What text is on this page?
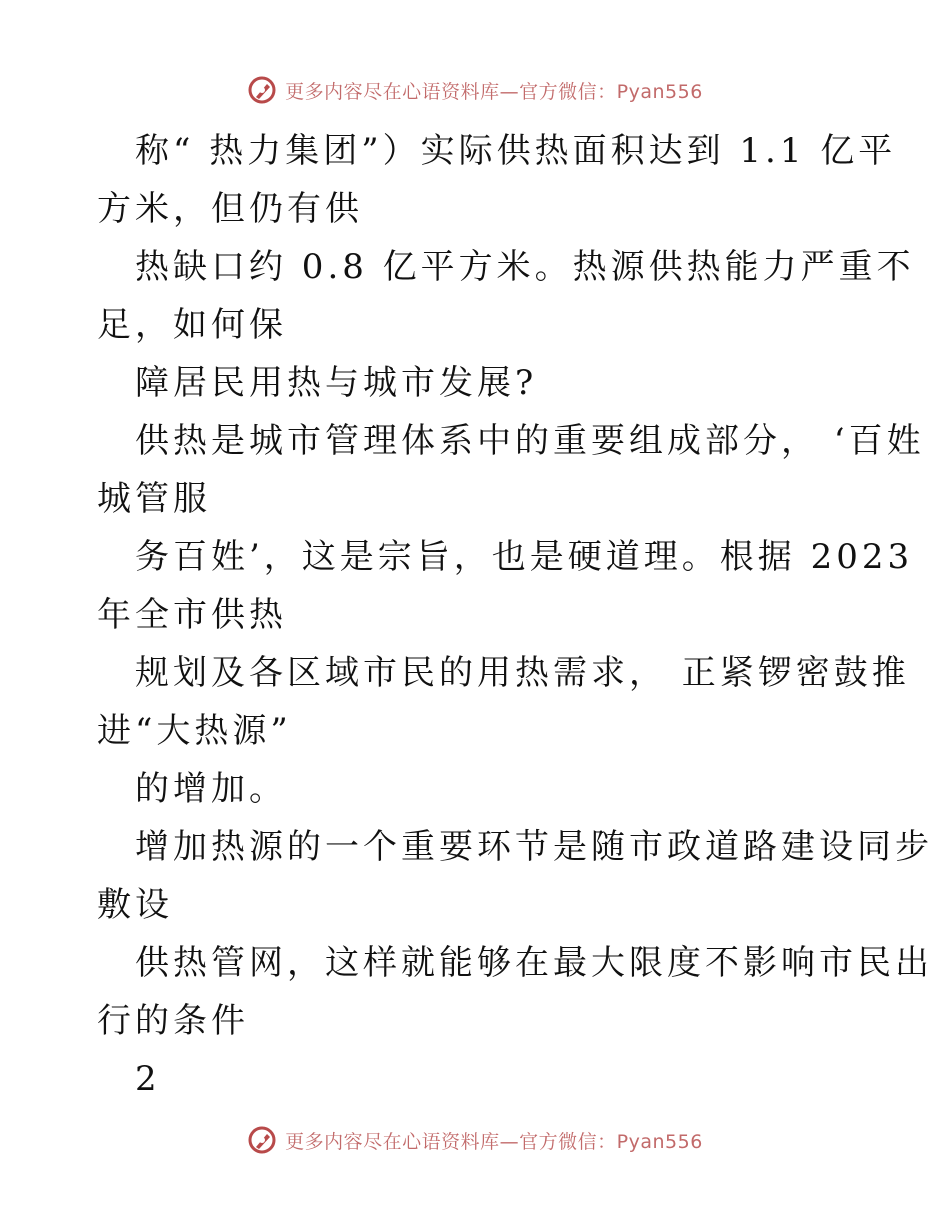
更多内容尽在心语资料库—官方微信：Pyan556

称“ 热力集团”）实际供热面积达到 1.1 亿平

方米，但仍有供

热缺口约 0.8 亿平方米。热源供热能力严重不

足，如何保

障居民用热与城市发展?

供热是城市管理体系中的重要组成部分， ‘百姓

城管服

务百姓’，这是宗旨，也是硬道理。根据 2023

年全市供热

规划及各区域市民的用热需求， 正紧锣密鼓推

进“大热源”

的增加。

增加热源的一个重要环节是随市政道路建设同步

敷设

供热管网，这样就能够在最大限度不影响市民出

行的条件

2

更多内容尽在心语资料库—官方微信：Pyan556
